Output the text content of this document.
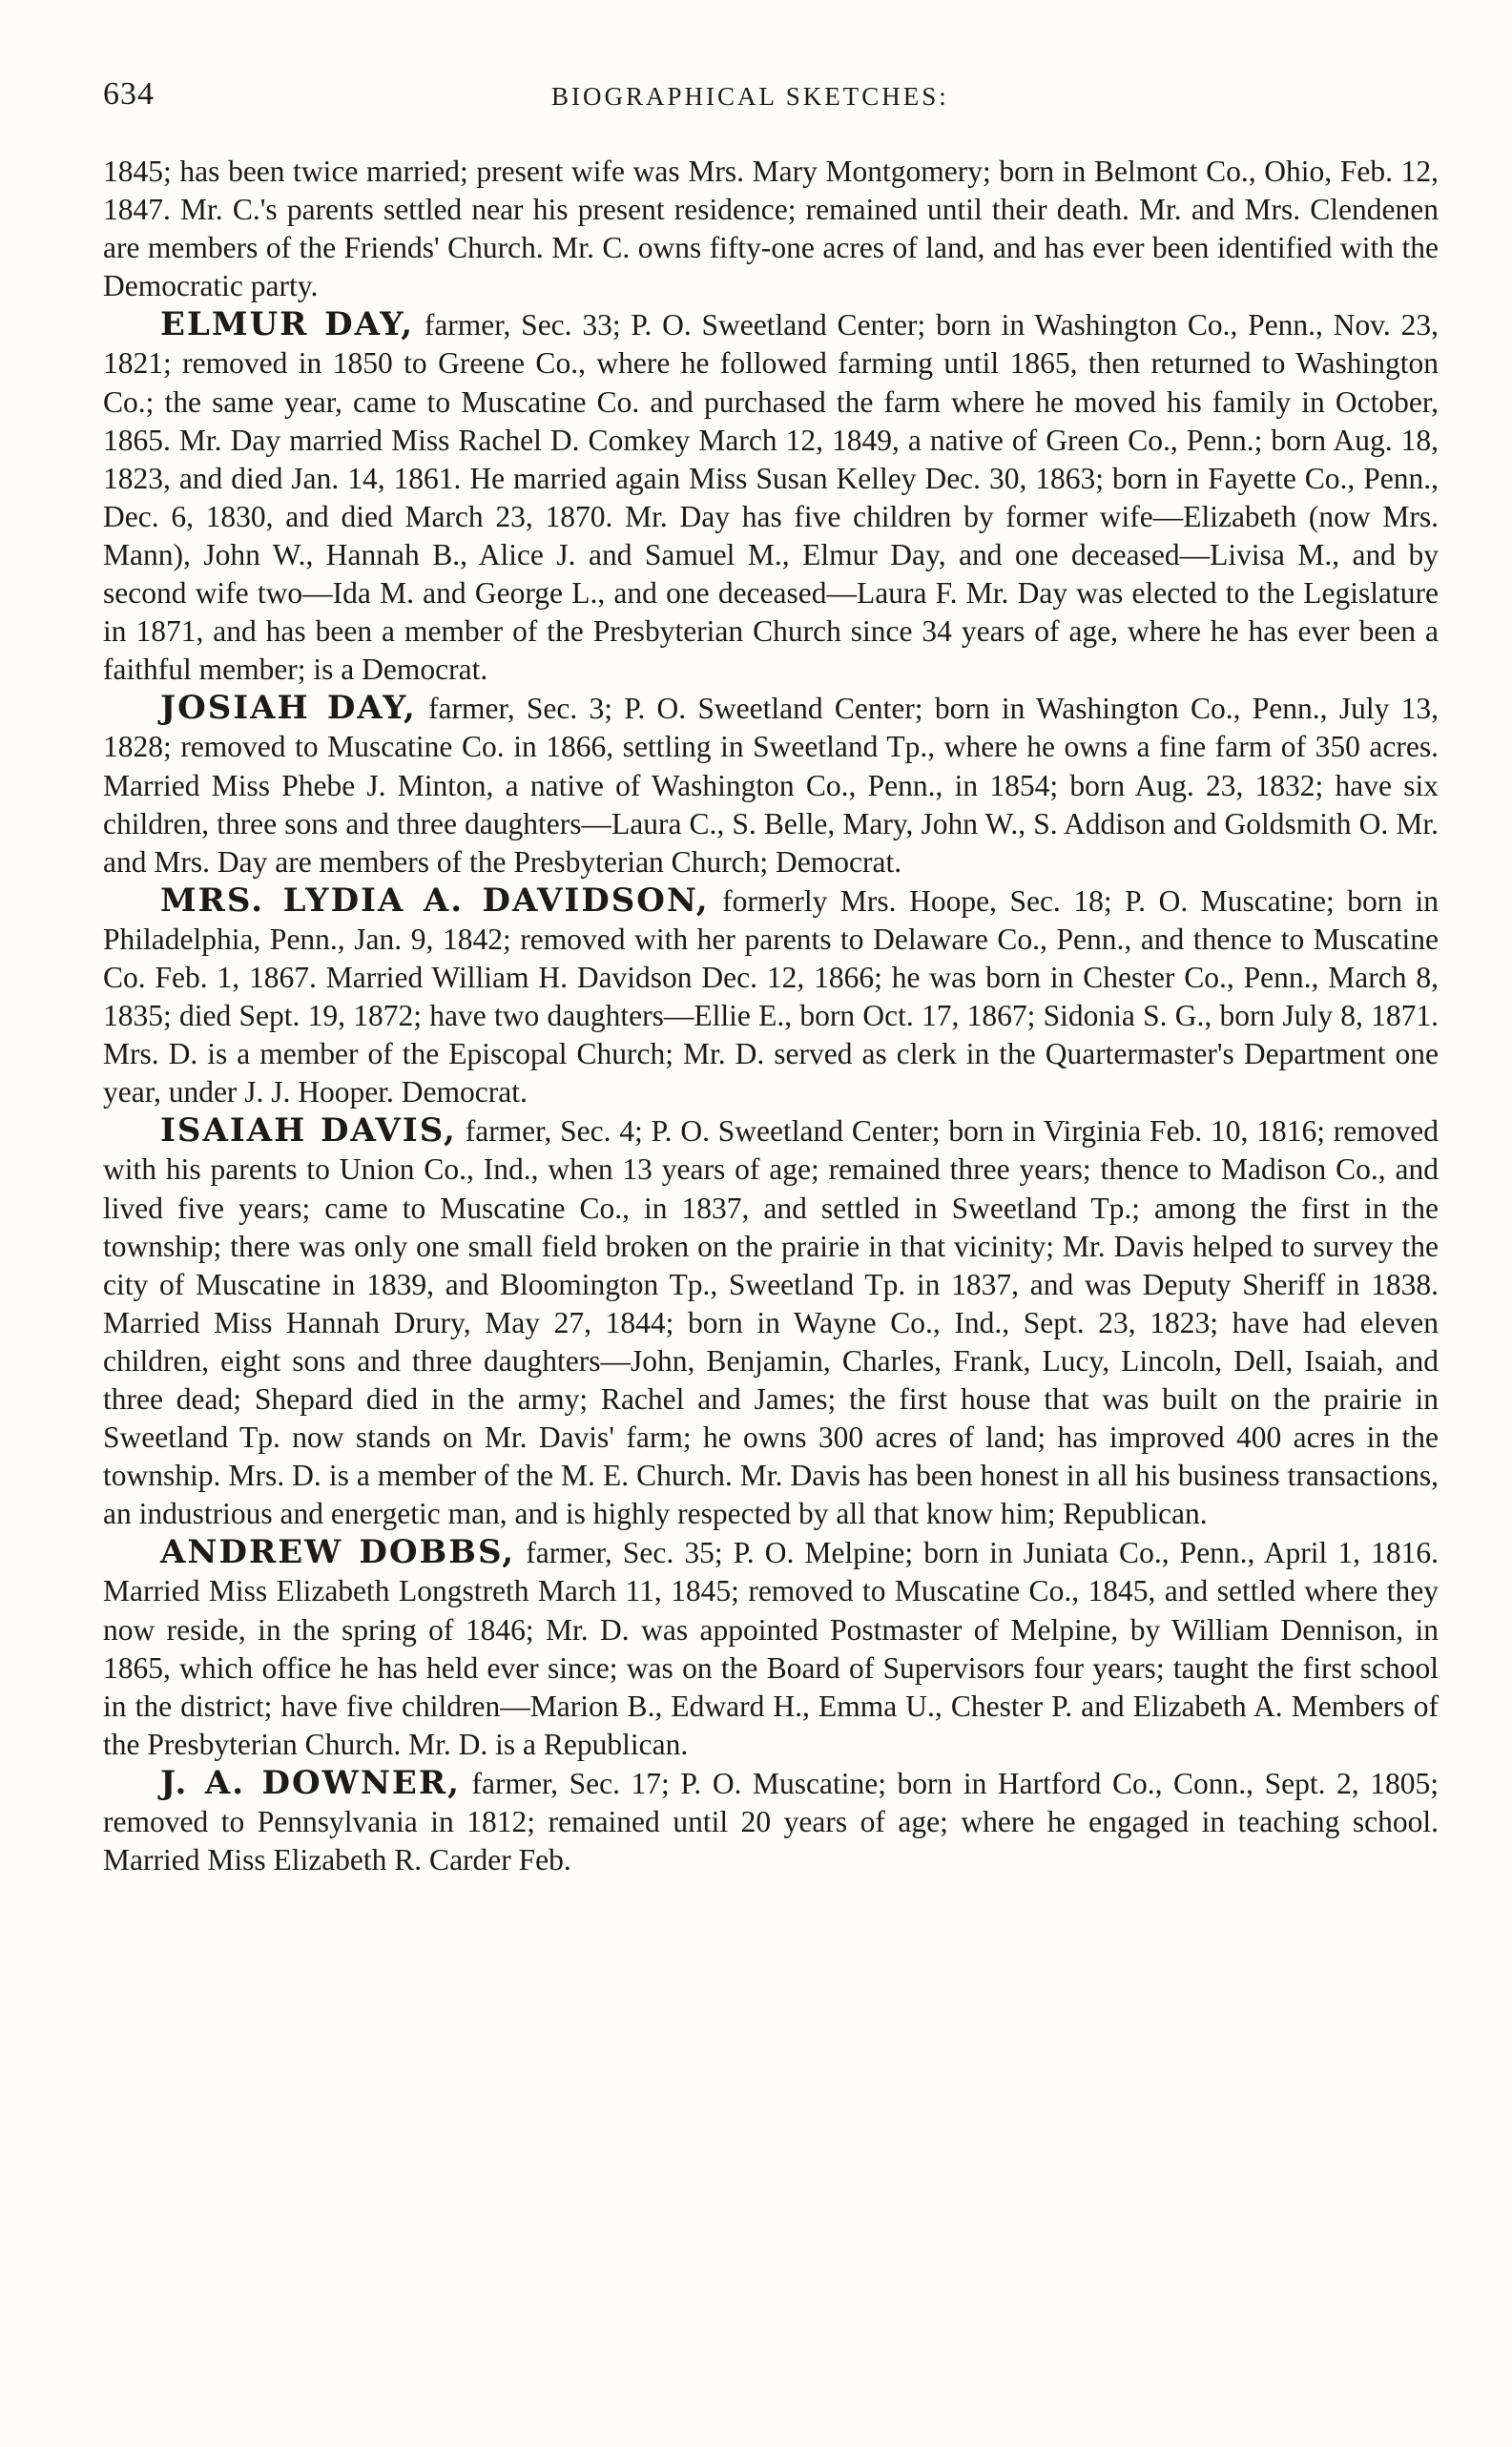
634	BIOGRAPHICAL SKETCHES:

1845; has been twice married; present wife was Mrs. Mary Montgomery; born in Belmont Co., Ohio, Feb. 12, 1847. Mr. C.'s parents settled near his present residence; remained until their death. Mr. and Mrs. Clendenen are members of the Friends' Church. Mr. C. owns fifty-one acres of land, and has ever been identified with the Democratic party.

ELMUR DAY, farmer, Sec. 33; P. O. Sweetland Center; born in Washington Co., Penn., Nov. 23, 1821; removed in 1850 to Greene Co., where he followed farming until 1865, then returned to Washington Co.; the same year, came to Muscatine Co. and purchased the farm where he moved his family in October, 1865. Mr. Day married Miss Rachel D. Comkey March 12, 1849, a native of Green Co., Penn.; born Aug. 18, 1823, and died Jan. 14, 1861. He married again Miss Susan Kelley Dec. 30, 1863; born in Fayette Co., Penn., Dec. 6, 1830, and died March 23, 1870. Mr. Day has five children by former wife—Elizabeth (now Mrs. Mann), John W., Hannah B., Alice J. and Samuel M., Elmur Day, and one deceased—Livisa M., and by second wife two—Ida M. and George L., and one deceased—Laura F. Mr. Day was elected to the Legislature in 1871, and has been a member of the Presbyterian Church since 34 years of age, where he has ever been a faithful member; is a Democrat.

JOSIAH DAY, farmer, Sec. 3; P. O. Sweetland Center; born in Washington Co., Penn., July 13, 1828; removed to Muscatine Co. in 1866, settling in Sweetland Tp., where he owns a fine farm of 350 acres. Married Miss Phebe J. Minton, a native of Washington Co., Penn., in 1854; born Aug. 23, 1832; have six children, three sons and three daughters—Laura C., S. Belle, Mary, John W., S. Addison and Goldsmith O. Mr. and Mrs. Day are members of the Presbyterian Church; Democrat.

MRS. LYDIA A. DAVIDSON, formerly Mrs. Hoope, Sec. 18; P. O. Muscatine; born in Philadelphia, Penn., Jan. 9, 1842; removed with her parents to Delaware Co., Penn., and thence to Muscatine Co. Feb. 1, 1867. Married William H. Davidson Dec. 12, 1866; he was born in Chester Co., Penn., March 8, 1835; died Sept. 19, 1872; have two daughters—Ellie E., born Oct. 17, 1867; Sidonia S. G., born July 8, 1871. Mrs. D. is a member of the Episcopal Church; Mr. D. served as clerk in the Quartermaster's Department one year, under J. J. Hooper. Democrat.

ISAIAH DAVIS, farmer, Sec. 4; P. O. Sweetland Center; born in Virginia Feb. 10, 1816; removed with his parents to Union Co., Ind., when 13 years of age; remained three years; thence to Madison Co., and lived five years; came to Muscatine Co., in 1837, and settled in Sweetland Tp.; among the first in the township; there was only one small field broken on the prairie in that vicinity; Mr. Davis helped to survey the city of Muscatine in 1839, and Bloomington Tp., Sweetland Tp. in 1837, and was Deputy Sheriff in 1838. Married Miss Hannah Drury, May 27, 1844; born in Wayne Co., Ind., Sept. 23, 1823; have had eleven children, eight sons and three daughters—John, Benjamin, Charles, Frank, Lucy, Lincoln, Dell, Isaiah, and three dead; Shepard died in the army; Rachel and James; the first house that was built on the prairie in Sweetland Tp. now stands on Mr. Davis' farm; he owns 300 acres of land; has improved 400 acres in the township. Mrs. D. is a member of the M. E. Church. Mr. Davis has been honest in all his business transactions, an industrious and energetic man, and is highly respected by all that know him; Republican.

ANDREW DOBBS, farmer, Sec. 35; P. O. Melpine; born in Juniata Co., Penn., April 1, 1816. Married Miss Elizabeth Longstreth March 11, 1845; removed to Muscatine Co., 1845, and settled where they now reside, in the spring of 1846; Mr. D. was appointed Postmaster of Melpine, by William Dennison, in 1865, which office he has held ever since; was on the Board of Supervisors four years; taught the first school in the district; have five children—Marion B., Edward H., Emma U., Chester P. and Elizabeth A. Members of the Presbyterian Church. Mr. D. is a Republican.

J. A. DOWNER, farmer, Sec. 17; P. O. Muscatine; born in Hartford Co., Conn., Sept. 2, 1805; removed to Pennsylvania in 1812; remained until 20 years of age; where he engaged in teaching school. Married Miss Elizabeth R. Carder Feb.
